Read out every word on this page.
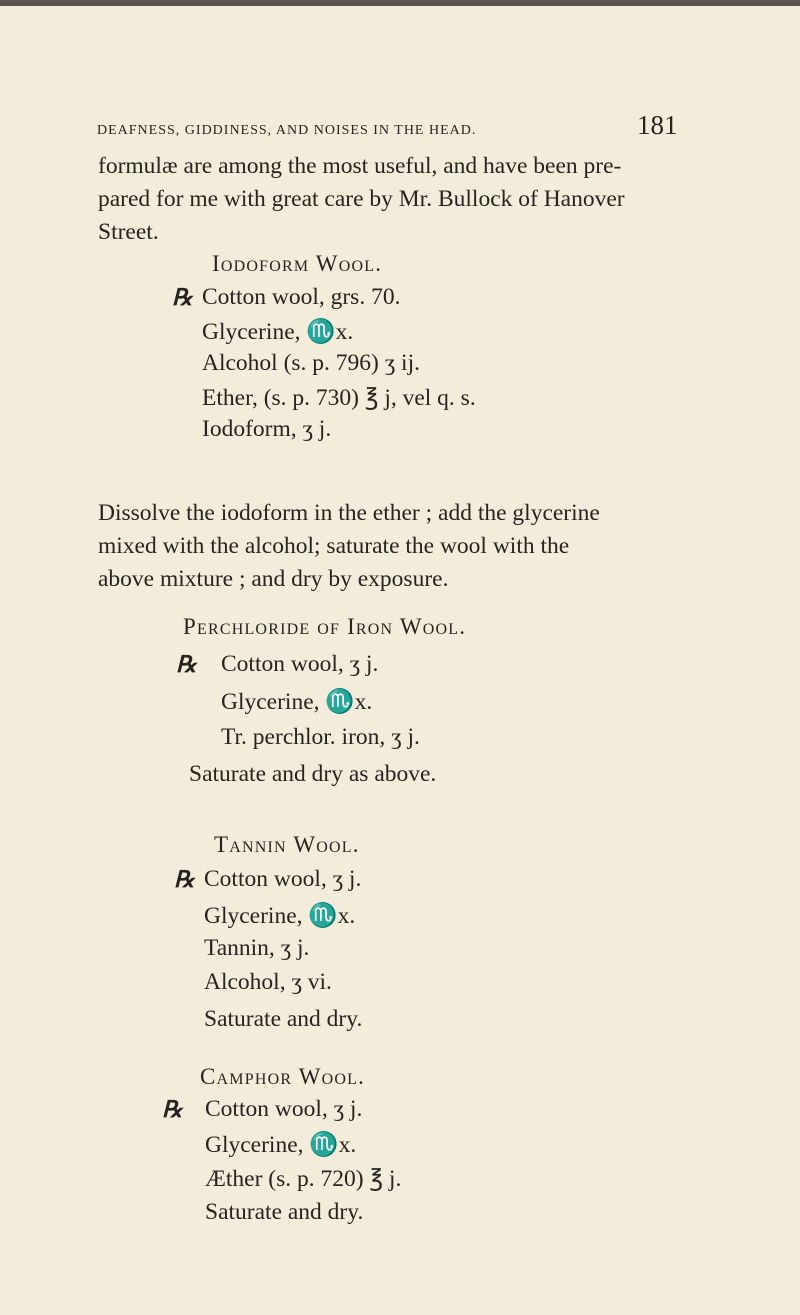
DEAFNESS, GIDDINESS, AND NOISES IN THE HEAD.	181
formulæ are among the most useful, and have been pre-
pared for me with great care by Mr. Bullock of Hanover
Street.
Iodoform Wool.
℞ Cotton wool, grs. 70.
Glycerine, ♏x.
Alcohol (s. p. 796) ʒ ij.
Ether, (s. p. 730) ℥ j, vel q. s.
Iodoform, ʒ j.
Dissolve the iodoform in the ether ; add the glycerine
mixed with the alcohol; saturate the wool with the
above mixture ; and dry by exposure.
Perchloride of Iron Wool.
℞ Cotton wool, ʒ j.
Glycerine, ♏x.
Tr. perchlor. iron, ʒ j.
Saturate and dry as above.
Tannin Wool.
℞ Cotton wool, ʒ j.
Glycerine, ♏x.
Tannin, ʒ j.
Alcohol, ʒ vi.
Saturate and dry.
Camphor Wool.
℞ Cotton wool, ʒ j.
Glycerine, ♏x.
Æther (s. p. 720) ℥ j.
Saturate and dry.
